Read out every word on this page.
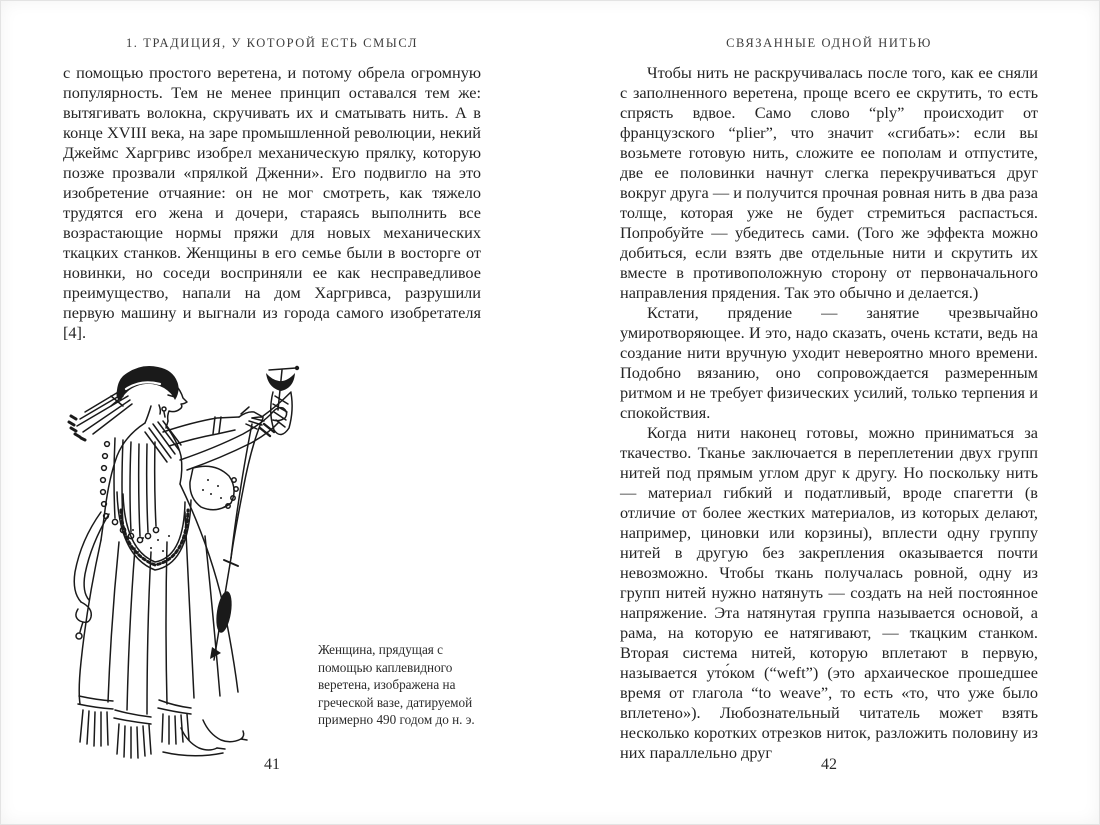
1. ТРАДИЦИЯ, У КОТОРОЙ ЕСТЬ СМЫСЛ

с помощью простого веретена, и потому обрела огромную популярность. Тем не менее принцип оставался тем же: вытягивать волокна, скручивать их и сматывать нить. А в конце XVIII века, на заре промышленной революции, некий Джеймс Харгривс изобрел механическую прялку, которую позже прозвали «прялкой Дженни». Его подвигло на это изобретение отчаяние: он не мог смотреть, как тяжело трудятся его жена и дочери, стараясь выполнить все возрастающие нормы пряжи для новых механических ткацких станков. Женщины в его семье были в восторге от новинки, но соседи восприняли ее как несправедливое преимущество, напали на дом Харгривса, разрушили первую машину и выгнали из города самого изобретателя [4].

Женщина, прядущая с помощью каплевидного веретена, изображена на греческой вазе, датируемой примерно 490 годом до н. э.
41
СВЯЗАННЫЕ ОДНОЙ НИТЬЮ

Чтобы нить не раскручивалась после того, как ее сняли с заполненного веретена, проще всего ее скрутить, то есть спрясть вдвое. Само слово “ply” происходит от французского “plier”, что значит «сгибать»: если вы возьмете готовую нить, сложите ее пополам и отпустите, две ее половинки начнут слегка перекручиваться друг вокруг друга — и получится прочная ровная нить в два раза толще, которая уже не будет стремиться распасться. Попробуйте — убедитесь сами. (Того же эффекта можно добиться, если взять две отдельные нити и скрутить их вместе в противоположную сторону от первоначального направления прядения. Так это обычно и делается.)

Кстати, прядение — занятие чрезвычайно умиротворяющее. И это, надо сказать, очень кстати, ведь на создание нити вручную уходит невероятно много времени. Подобно вязанию, оно сопровождается размеренным ритмом и не требует физических усилий, только терпения и спокойствия.

Когда нити наконец готовы, можно приниматься за ткачество. Тканье заключается в переплетении двух групп нитей под прямым углом друг к другу. Но поскольку нить — материал гибкий и податливый, вроде спагетти (в отличие от более жестких материалов, из которых делают, например, циновки или корзины), вплести одну группу нитей в другую без закрепления оказывается почти невозможно. Чтобы ткань получалась ровной, одну из групп нитей нужно натянуть — создать на ней постоянное напряжение. Эта натянутая группа называется основой, а рама, на которую ее натягивают, — ткацким станком. Вторая система нитей, которую вплетают в первую, называется уто́ком (“weft”) (это архаическое прошедшее время от глагола “to weave”, то есть «то, что уже было вплетено»). Любознательный читатель может взять несколько коротких отрезков ниток, разложить половину из них параллельно друг

42
